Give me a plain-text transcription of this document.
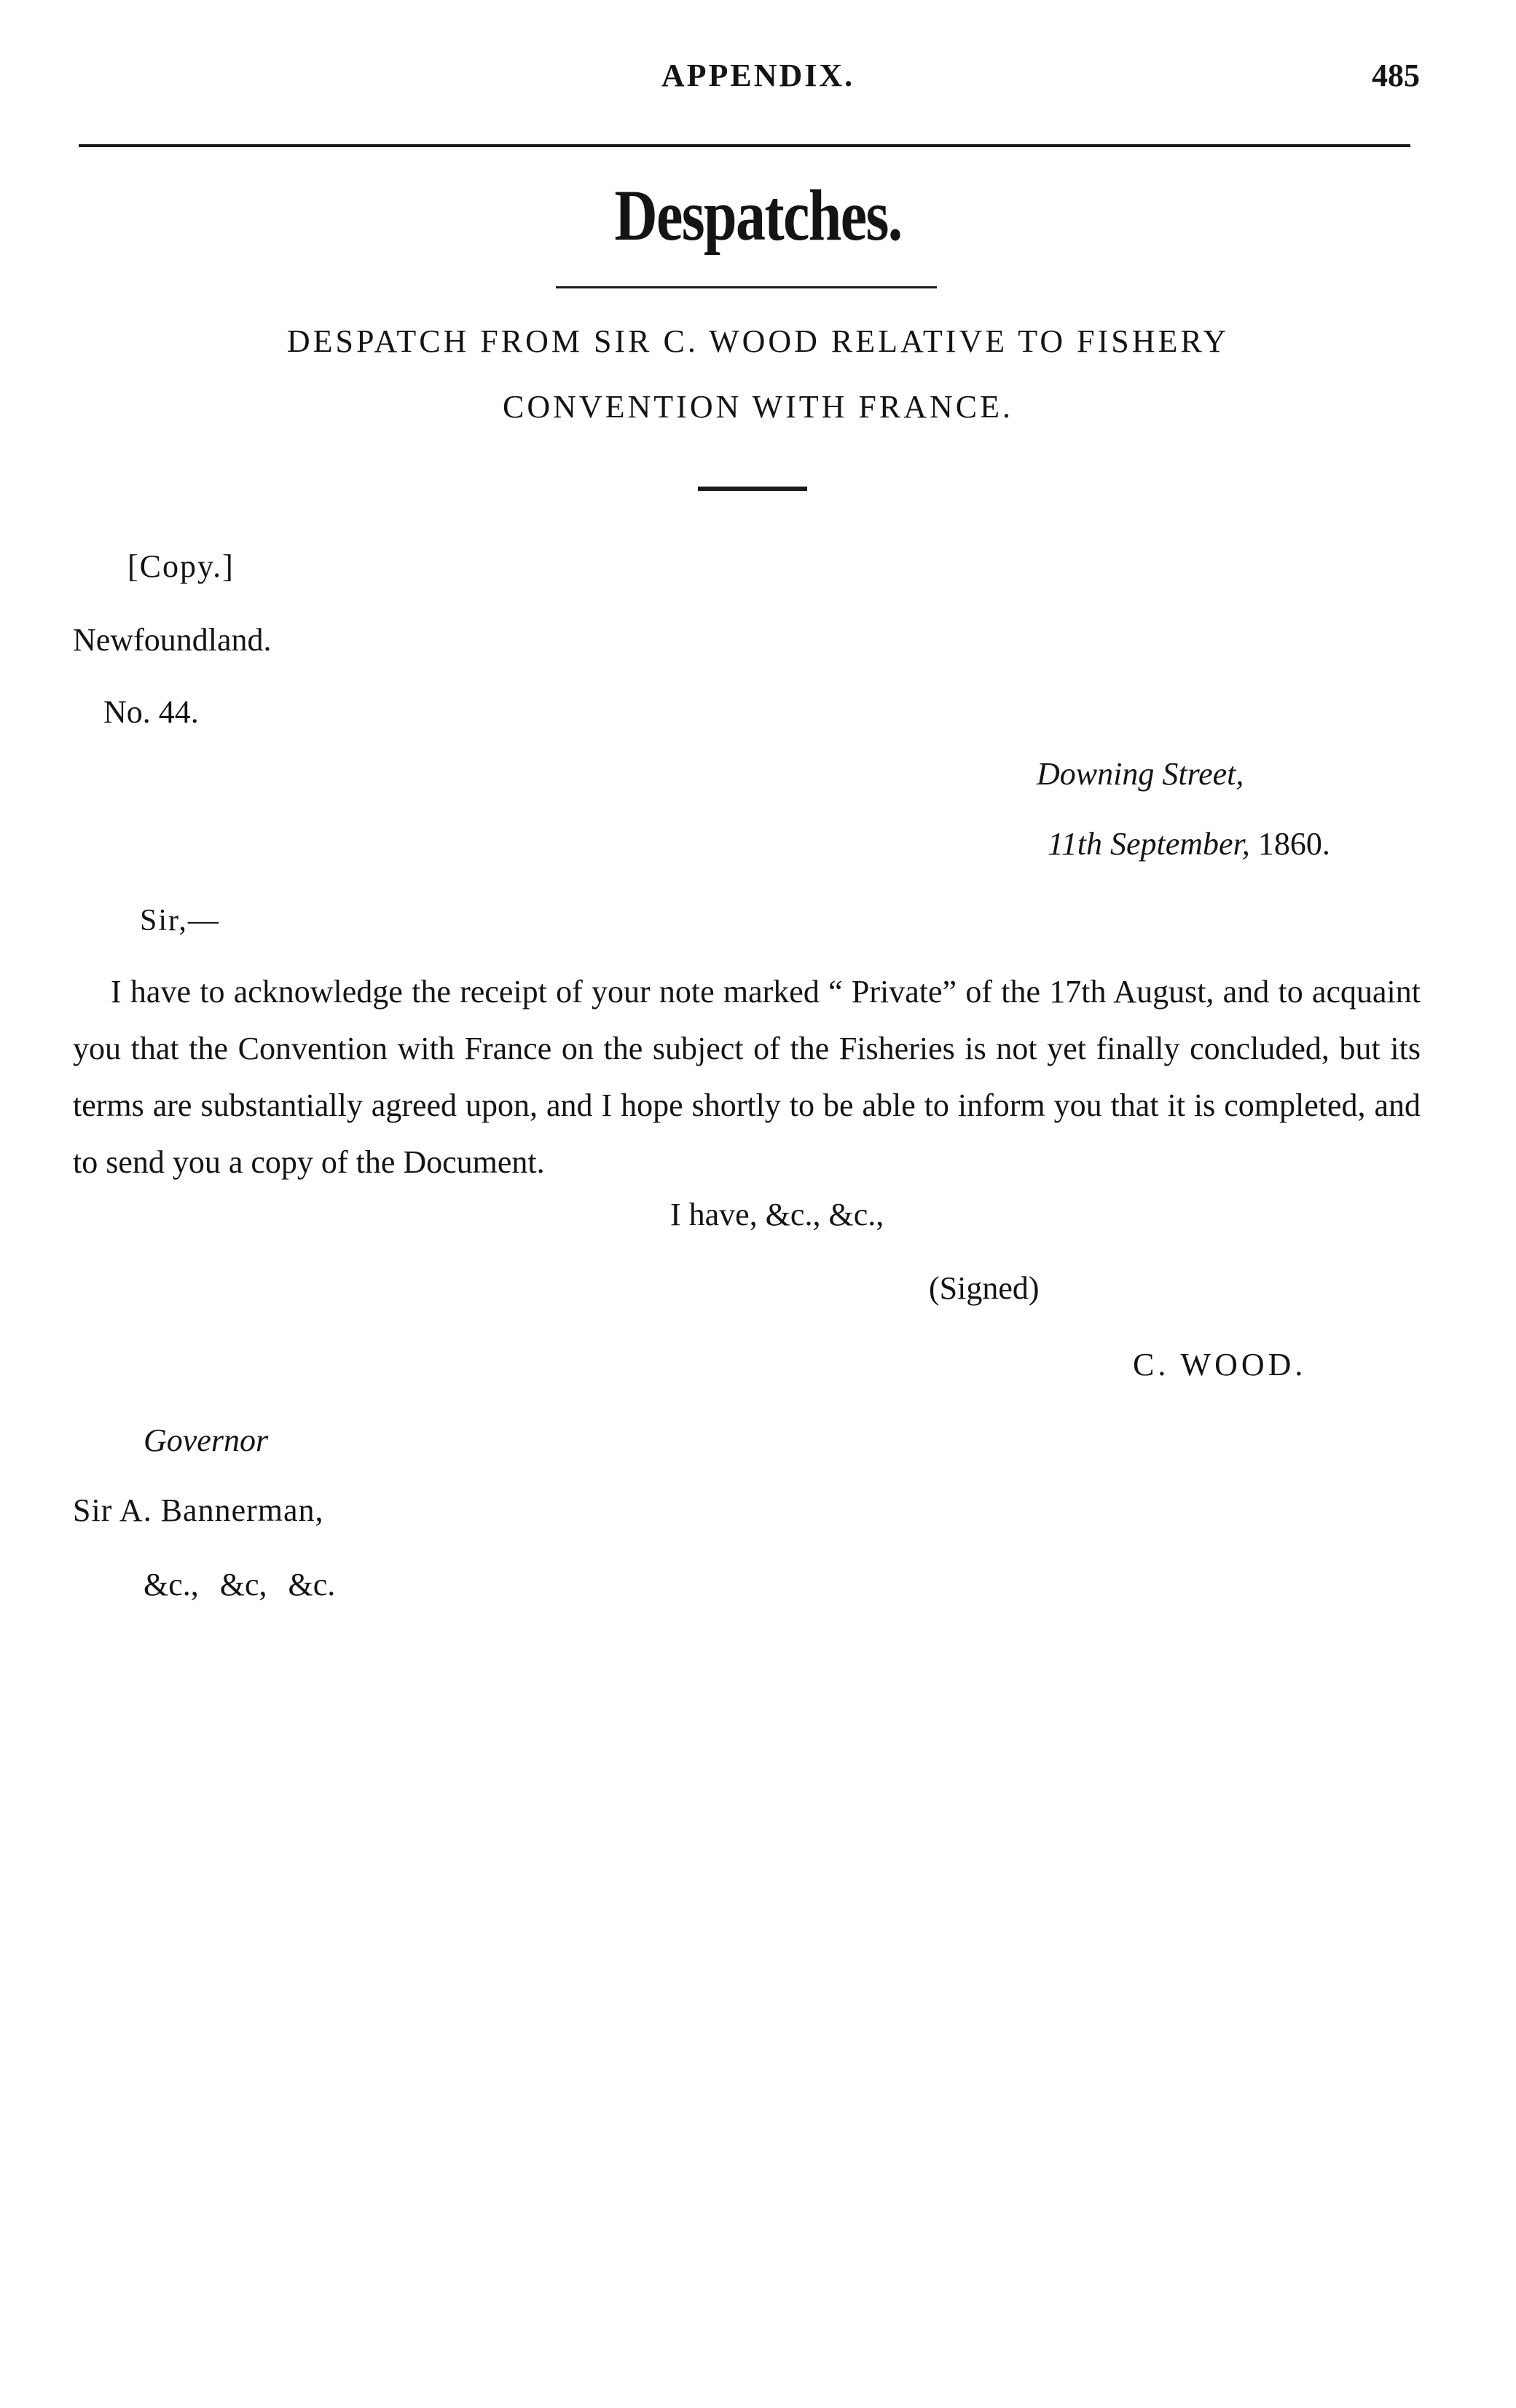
APPENDIX.	485
Despatches.
DESPATCH FROM SIR C. WOOD RELATIVE TO FISHERY
CONVENTION WITH FRANCE.
[Copy.]
Newfoundland.
No. 44.
Downing Street,
11th September, 1860.
Sir,—
I have to acknowledge the receipt of your note marked “ Private” of the 17th August, and to acquaint you that the Convention with France on the subject of the Fisheries is not yet finally concluded, but its terms are substantially agreed upon, and I hope shortly to be able to inform you that it is completed, and to send you a copy of the Document.
I have, &c., &c.,
(Signed)
C. WOOD.
Governor
Sir A. Bannerman,
&c., &c, &c.
